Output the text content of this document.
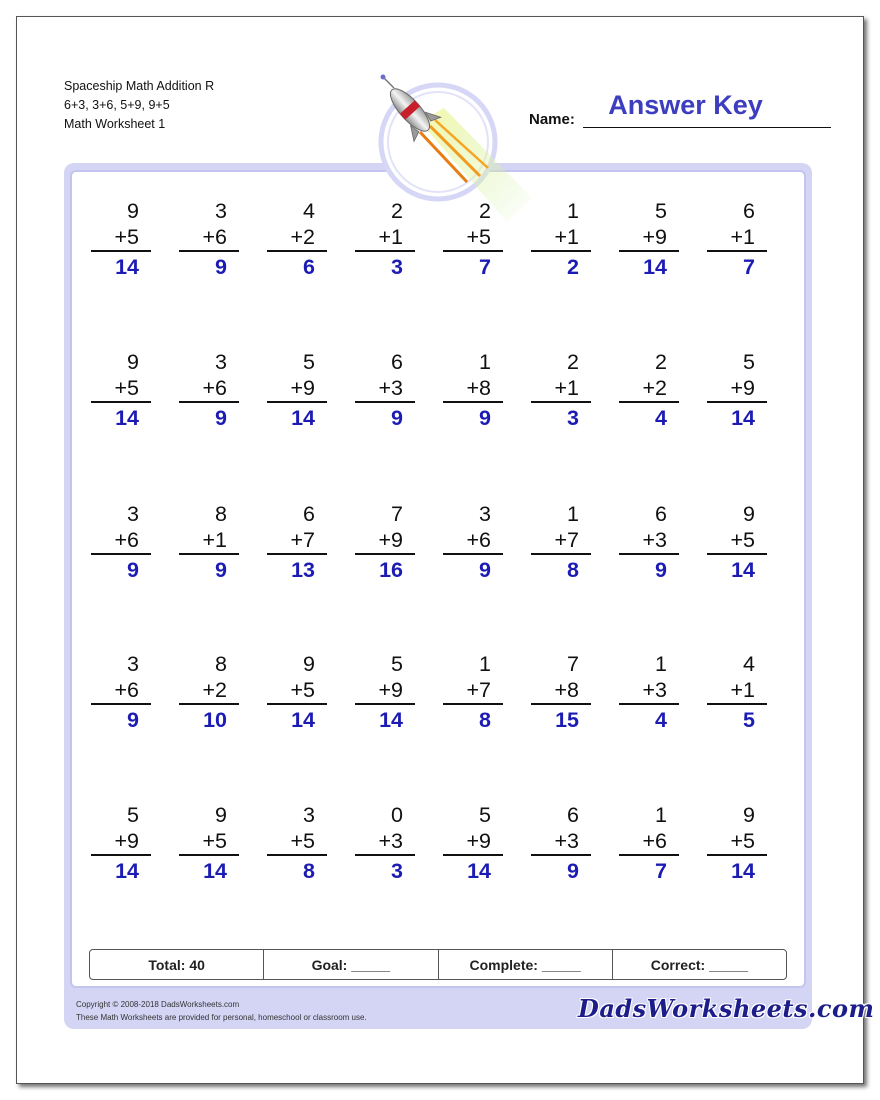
Spaceship Math Addition R
6+3, 3+6, 5+9, 9+5
Math Worksheet 1	Name:	Answer Key
9
+5
14
3
+6
9
4
+2
6
2
+1
3
2
+5
7
1
+1
2
5
+9
14
6
+1
7
9
+5
14
3
+6
9
5
+9
14
6
+3
9
1
+8
9
2
+1
3
2
+2
4
5
+9
14
3
+6
9
8
+1
9
6
+7
13
7
+9
16
3
+6
9
1
+7
8
6
+3
9
9
+5
14
3
+6
9
8
+2
10
9
+5
14
5
+9
14
1
+7
8
7
+8
15
1
+3
4
4
+1
5
5
+9
14
9
+5
14
3
+5
8
0
+3
3
5
+9
14
6
+3
9
1
+6
7
9
+5
14
Total: 40	Goal: _____	Complete: _____	Correct: _____
Copyright © 2008-2018 DadsWorksheets.com
These Math Worksheets are provided for personal, homeschool or classroom use.	DadsWorksheets.com
